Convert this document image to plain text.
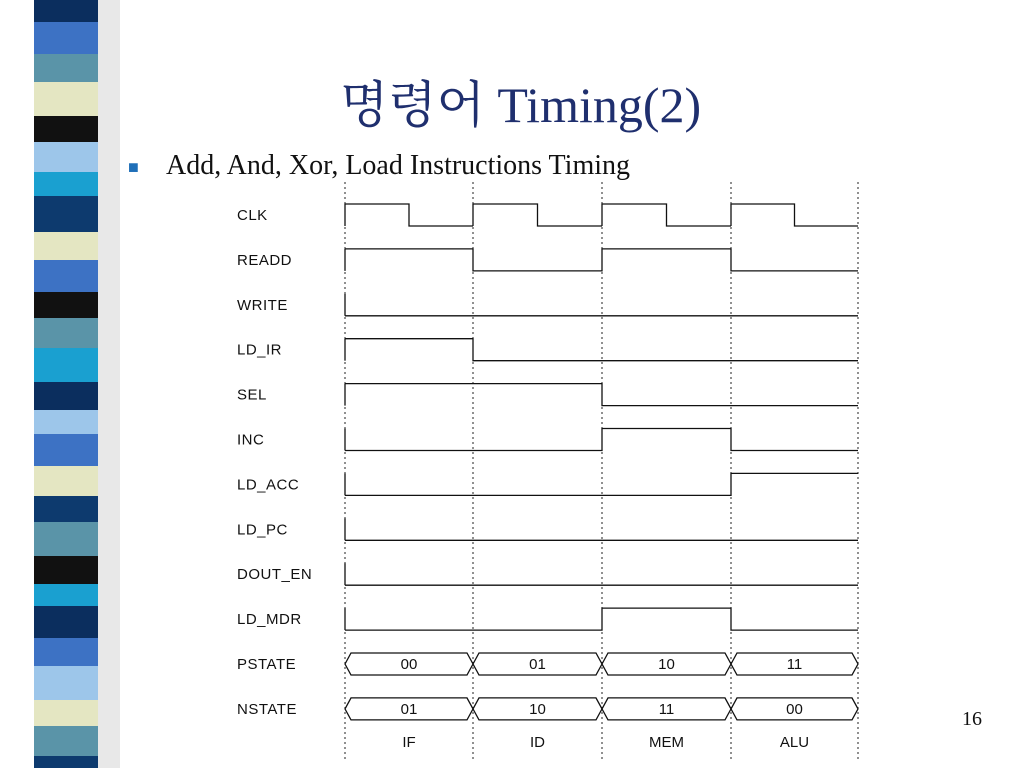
명령어 Timing(2)
■ Add, And, Xor, Load Instructions Timing
CLK
READD
WRITE
LD_IR
SEL
INC
LD_ACC
LD_PC
DOUT_EN
LD_MDR
PSTATE	00	01	10	11
NSTATE	01	10	11	00
IF	ID	MEM	ALU
16
